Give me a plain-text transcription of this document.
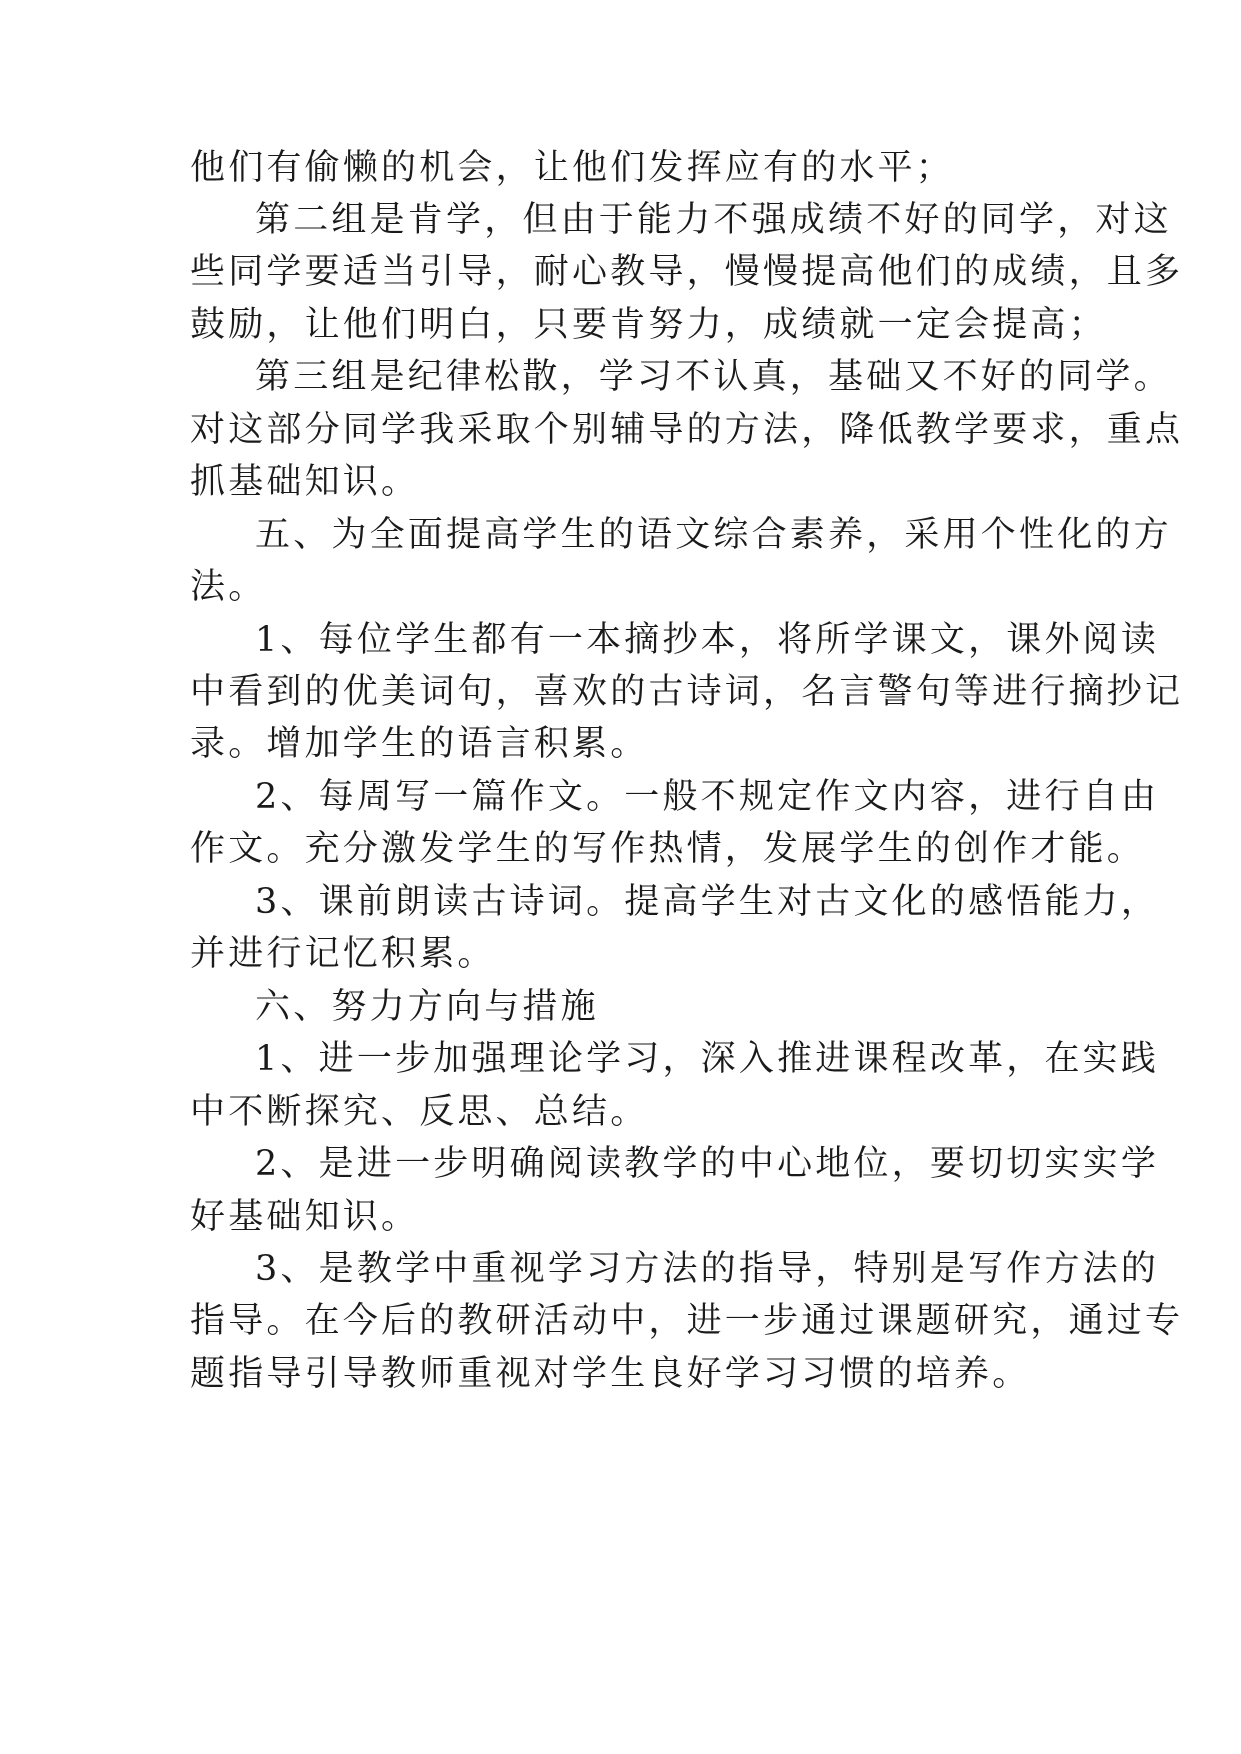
他们有偷懒的机会，让他们发挥应有的水平；

第二组是肯学，但由于能力不强成绩不好的同学，对这

些同学要适当引导，耐心教导，慢慢提高他们的成绩，且多

鼓励，让他们明白，只要肯努力，成绩就一定会提高；

第三组是纪律松散，学习不认真，基础又不好的同学。

对这部分同学我采取个别辅导的方法，降低教学要求，重点

抓基础知识。

五、为全面提高学生的语文综合素养，采用个性化的方

法。

1、每位学生都有一本摘抄本，将所学课文，课外阅读

中看到的优美词句，喜欢的古诗词，名言警句等进行摘抄记

录。增加学生的语言积累。

2、每周写一篇作文。一般不规定作文内容，进行自由

作文。充分激发学生的写作热情，发展学生的创作才能。

3、课前朗读古诗词。提高学生对古文化的感悟能力，

并进行记忆积累。

六、努力方向与措施

1、进一步加强理论学习，深入推进课程改革，在实践

中不断探究、反思、总结。

2、是进一步明确阅读教学的中心地位，要切切实实学

好基础知识。

3、是教学中重视学习方法的指导，特别是写作方法的

指导。在今后的教研活动中，进一步通过课题研究，通过专

题指导引导教师重视对学生良好学习习惯的培养。
